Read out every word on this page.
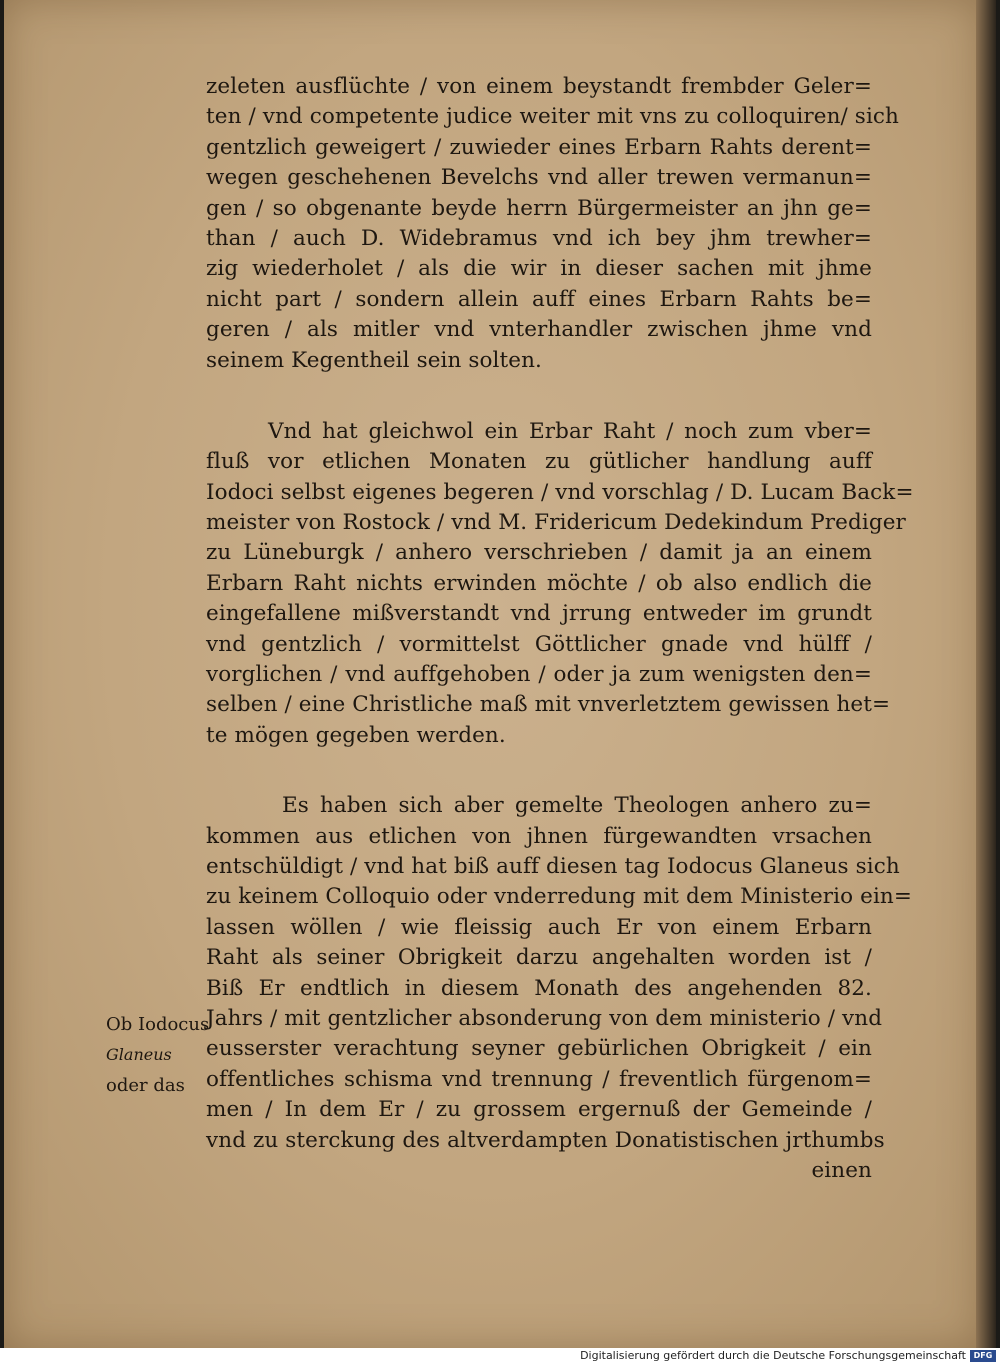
zeleten ausflüchte / von einem beystandt frembder Geler=
ten / vnd competente judice weiter mit vns zu colloquiren/ sich
gentzlich geweigert / zuwieder eines Erbarn Rahts derent=
wegen geschehenen Bevelchs vnd aller trewen vermanun=
gen / so obgenante beyde herrn Bürgermeister an jhn ge=
than / auch D. Widebramus vnd ich bey jhm trewher=
zig wiederholet / als die wir in dieser sachen mit jhme
nicht part / sondern allein auff eines Erbarn Rahts be=
geren / als mitler vnd vnterhandler zwischen jhme vnd
seinem Kegentheil sein solten.
Vnd hat gleichwol ein Erbar Raht / noch zum vber=
fluß vor etlichen Monaten zu gütlicher handlung auff
Iodoci selbst eigenes begeren / vnd vorschlag / D. Lucam Back=
meister von Rostock / vnd M. Fridericum Dedekindum Prediger
zu Lüneburgk / anhero verschrieben / damit ja an einem
Erbarn Raht nichts erwinden möchte / ob also endlich die
eingefallene mißverstandt vnd jrrung entweder im grundt
vnd gentzlich / vormittelst Göttlicher gnade vnd hülff /
vorglichen / vnd auffgehoben / oder ja zum wenigsten den=
selben / eine Christliche maß mit vnverletztem gewissen het=
te mögen gegeben werden.
Es haben sich aber gemelte Theologen anhero zu=
kommen aus etlichen von jhnen fürgewandten vrsachen
entschüldigt / vnd hat biß auff diesen tag Iodocus Glaneus sich
zu keinem Colloquio oder vnderredung mit dem Ministerio ein=
lassen wöllen / wie fleissig auch Er von einem Erbarn
Raht als seiner Obrigkeit darzu angehalten worden ist /
Biß Er endtlich in diesem Monath des angehenden 82.
Jahrs / mit gentzlicher absonderung von dem ministerio / vnd
eusserster verachtung seyner gebürlichen Obrigkeit / ein
offentliches schisma vnd trennung / freventlich fürgenom=
men / In dem Er / zu grossem ergernuß der Gemeinde /
vnd zu sterckung des altverdampten Donatistischen jrthumbs
einen
Ob Iodocus
Glaneus
oder das
Digitalisierung gefördert durch die Deutsche Forschungsgemeinschaft DFG
